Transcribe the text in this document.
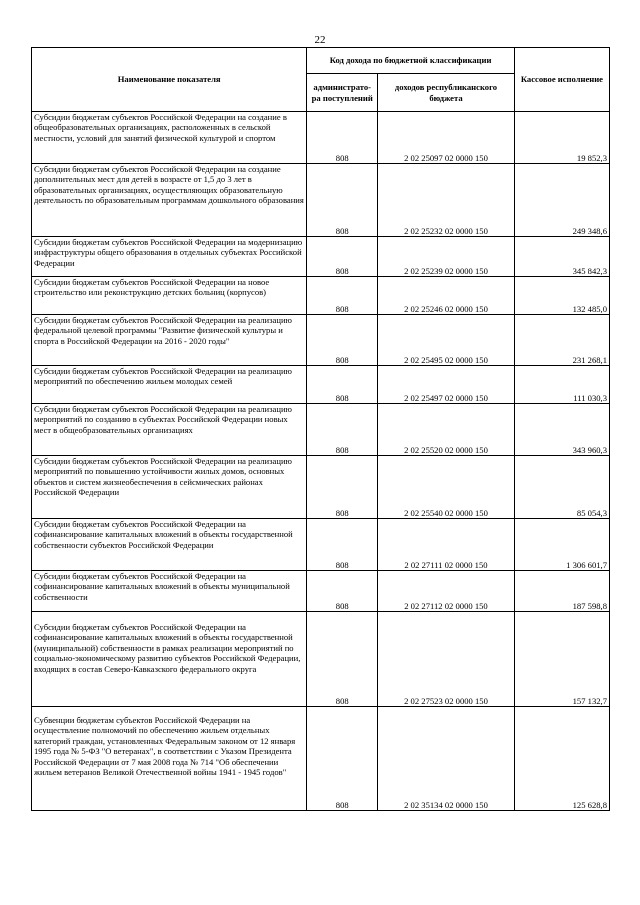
22
Наименование показателя	Код дохода по бюджетной классификации		Кассовое исполнение
	администрато-ра поступлений	доходов республиканского бюджета	
Субсидии бюджетам субъектов Российской Федерации на создание в общеобразовательных организациях, расположенных в сельской местности, условий для занятий физической культурой и спортом	808	2 02 25097 02 0000 150	19 852,3
Субсидии бюджетам субъектов Российской Федерации на создание дополнительных мест для детей в возрасте от 1,5 до 3 лет в образовательных организациях, осуществляющих образовательную деятельность по образовательным программам дошкольного образования	808	2 02 25232 02 0000 150	249 348,6
Субсидии бюджетам субъектов Российской Федерации на модернизацию инфраструктуры общего образования в отдельных субъектах Российской Федерации	808	2 02 25239 02 0000 150	345 842,3
Субсидии бюджетам субъектов Российской Федерации на новое строительство или реконструкцию детских больниц (корпусов)	808	2 02 25246 02 0000 150	132 485,0
Субсидии бюджетам субъектов Российской Федерации на реализацию федеральной целевой программы "Развитие физической культуры и спорта в Российской Федерации на 2016 - 2020 годы"	808	2 02 25495 02 0000 150	231 268,1
Субсидии бюджетам субъектов Российской Федерации на реализацию мероприятий по обеспечению жильем молодых семей	808	2 02 25497 02 0000 150	111 030,3
Субсидии бюджетам субъектов Российской Федерации на реализацию мероприятий по созданию в субъектах Российской Федерации новых мест в общеобразовательных организациях	808	2 02 25520 02 0000 150	343 960,3
Субсидии бюджетам субъектов Российской Федерации на реализацию мероприятий по повышению устойчивости жилых домов, основных объектов и систем жизнеобеспечения в сейсмических районах Российской Федерации	808	2 02 25540 02 0000 150	85 054,3
Субсидии бюджетам субъектов Российской Федерации на софинансирование капитальных вложений в объекты государственной собственности субъектов Российской Федерации	808	2 02 27111 02 0000 150	1 306 601,7
Субсидии бюджетам субъектов Российской Федерации на софинансирование капитальных вложений в объекты муниципальной собственности	808	2 02 27112 02 0000 150	187 598,8
Субсидии бюджетам субъектов Российской Федерации на софинансирование капитальных вложений в объекты государственной (муниципальной) собственности в рамках реализации мероприятий по социально-экономическому развитию субъектов Российской Федерации, входящих в состав Северо-Кавказского федерального округа	808	2 02 27523 02 0000 150	157 132,7
Субвенции бюджетам субъектов Российской Федерации на осуществление полномочий по обеспечению жильем отдельных категорий граждан, установленных Федеральным законом от 12 января 1995 года № 5-ФЗ "О ветеранах", в соответствии с Указом Президента Российской Федерации от 7 мая 2008 года № 714 "Об обеспечении жильем ветеранов Великой Отечественной войны 1941 - 1945 годов"	808	2 02 35134 02 0000 150	125 628,8
